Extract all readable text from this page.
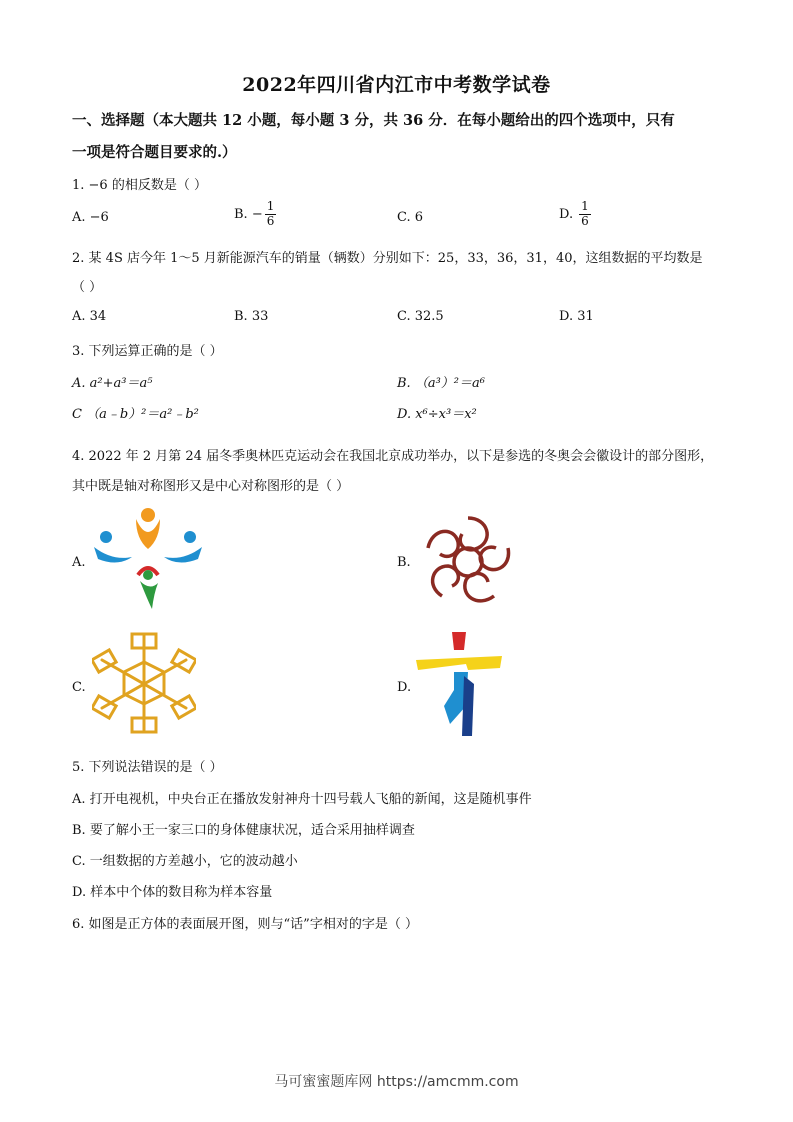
2022年四川省内江市中考数学试卷
一、选择题（本大题共 12 小题，每小题 3 分，共 36 分．在每小题给出的四个选项中，只有
一项是符合题目要求的.）
1. −6 的相反数是（ ）
A. −6	B. − $\frac{1}{6}$	C. 6	D. $\frac{1}{6}$
2. 某 4S 店今年 1～5 月新能源汽车的销量（辆数）分别如下：25，33，36，31，40，这组数据的平均数是
（ ）
A. 34	B. 33	C. 32.5	D. 31
3. 下列运算正确的是（ ）
A. a²+a³＝a⁵	B. （a³）²＝a⁶
C （a﹣b）²＝a²﹣b²	D. x⁶÷x³＝x²
4. 2022 年 2 月第 24 届冬季奥林匹克运动会在我国北京成功举办，以下是参选的冬奥会会徽设计的部分图形，
其中既是轴对称图形又是中心对称图形的是（ ）
A.	B.
C.	D.
5. 下列说法错误的是（ ）
A. 打开电视机，中央台正在播放发射神舟十四号载人飞船的新闻，这是随机事件
B. 要了解小王一家三口的身体健康状况，适合采用抽样调查
C. 一组数据的方差越小，它的波动越小
D. 样本中个体的数目称为样本容量
6. 如图是正方体的表面展开图，则与“话”字相对的字是（ ）
马可蜜蜜题库网 https://amcmm.com
